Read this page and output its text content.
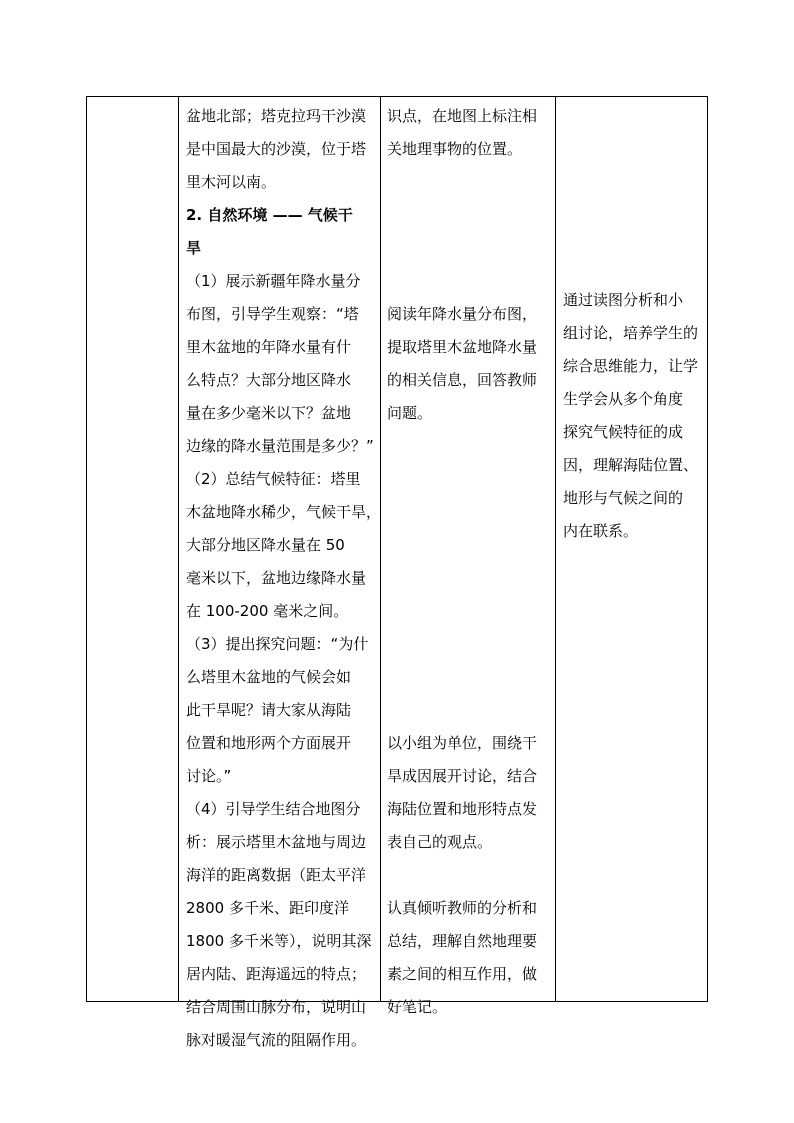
盆地北部；塔克拉玛干沙漠
是中国最大的沙漠，位于塔
里木河以南。
2. 自然环境 —— 气候干
旱
（1）展示新疆年降水量分
布图，引导学生观察：“塔
里木盆地的年降水量有什
么特点？大部分地区降水
量在多少毫米以下？盆地
边缘的降水量范围是多少？”
（2）总结气候特征：塔里
木盆地降水稀少，气候干旱，
大部分地区降水量在 50
毫米以下，盆地边缘降水量
在 100-200 毫米之间。
（3）提出探究问题：“为什
么塔里木盆地的气候会如
此干旱呢？请大家从海陆
位置和地形两个方面展开
讨论。”
（4）引导学生结合地图分
析：展示塔里木盆地与周边
海洋的距离数据（距太平洋
2800 多千米、距印度洋
1800 多千米等），说明其深
居内陆、距海遥远的特点；
结合周围山脉分布，说明山
脉对暖湿气流的阻隔作用。
识点，在地图上标注相
关地理事物的位置。
阅读年降水量分布图，
提取塔里木盆地降水量
的相关信息，回答教师
问题。
以小组为单位，围绕干
旱成因展开讨论，结合
海陆位置和地形特点发
表自己的观点。
认真倾听教师的分析和
总结，理解自然地理要
素之间的相互作用，做
好笔记。
通过读图分析和小
组讨论，培养学生的
综合思维能力，让学
生学会从多个角度
探究气候特征的成
因，理解海陆位置、
地形与气候之间的
内在联系。
